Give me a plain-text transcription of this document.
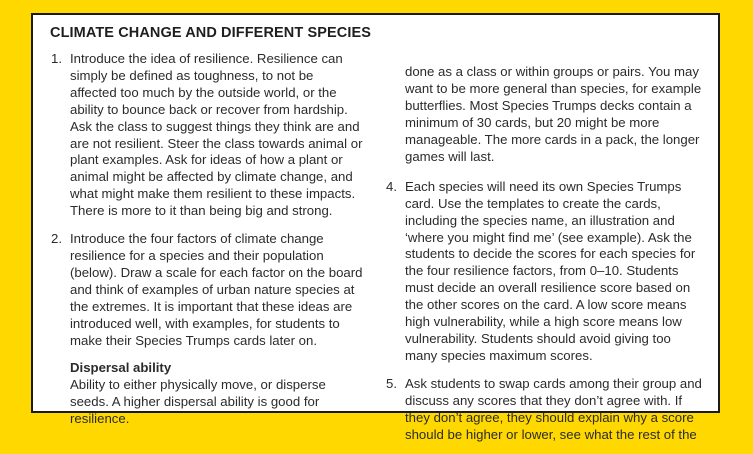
CLIMATE CHANGE AND DIFFERENT SPECIES
1. Introduce the idea of resilience. Resilience can simply be defined as toughness, to not be affected too much by the outside world, or the ability to bounce back or recover from hardship. Ask the class to suggest things they think are and are not resilient. Steer the class towards animal or plant examples. Ask for ideas of how a plant or animal might be affected by climate change, and what might make them resilient to these impacts. There is more to it than being big and strong.

2. Introduce the four factors of climate change resilience for a species and their population (below). Draw a scale for each factor on the board and think of examples of urban nature species at the extremes. It is important that these ideas are introduced well, with examples, for students to make their Species Trumps cards later on.

Dispersal ability

Ability to either physically move, or disperse seeds. A higher dispersal ability is good for resilience.

done as a class or within groups or pairs. You may want to be more general than species, for example butterflies. Most Species Trumps decks contain a minimum of 30 cards, but 20 might be more manageable. The more cards in a pack, the longer games will last.

4. Each species will need its own Species Trumps card. Use the templates to create the cards, including the species name, an illustration and ‘where you might find me’ (see example). Ask the students to decide the scores for each species for the four resilience factors, from 0–10. Students must decide an overall resilience score based on the other scores on the card. A low score means high vulnerability, while a high score means low vulnerability. Students should avoid giving too many species maximum scores.

5. Ask students to swap cards among their group and discuss any scores that they don’t agree with. If they don’t agree, they should explain why a score should be higher or lower, see what the rest of the
